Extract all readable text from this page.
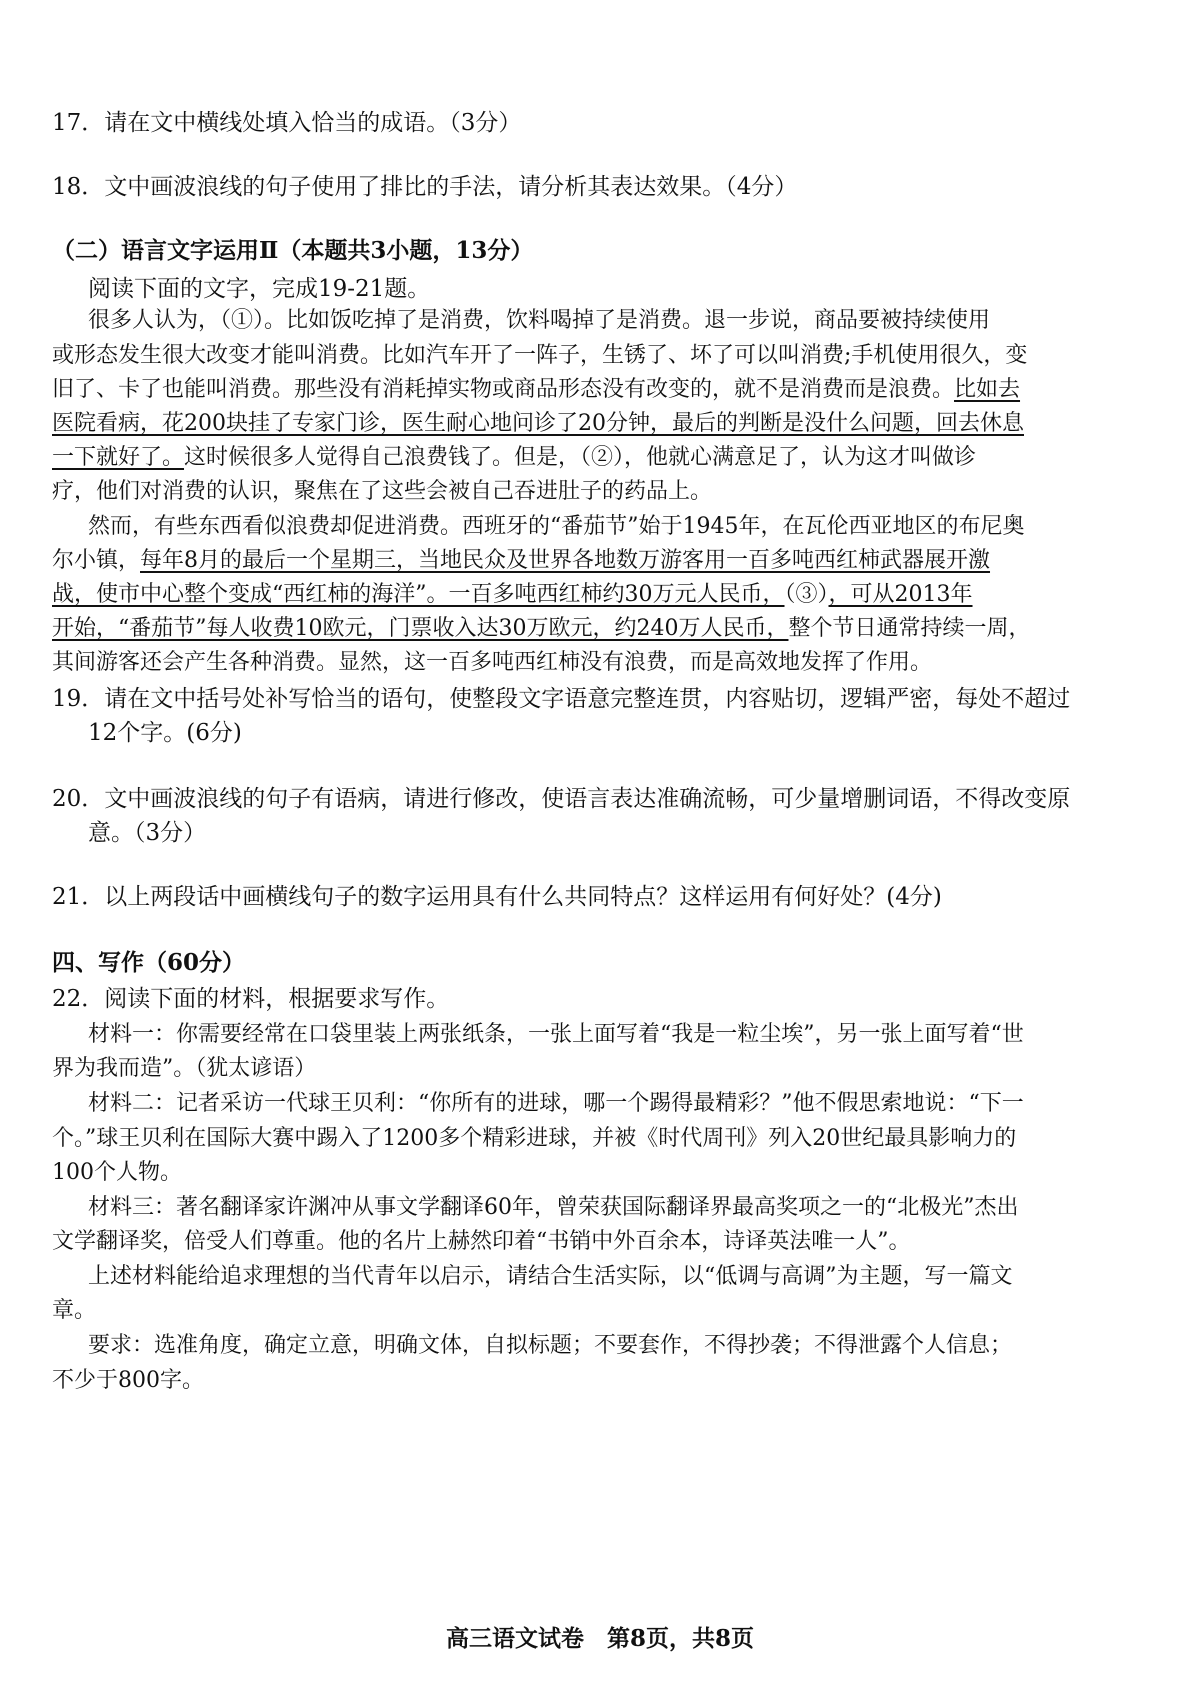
17．请在文中横线处填入恰当的成语。（3分）
18．文中画波浪线的句子使用了排比的手法，请分析其表达效果。（4分）
（二）语言文字运用Ⅱ（本题共3小题，13分）
阅读下面的文字，完成19-21题。
很多人认为，（①）。比如饭吃掉了是消费，饮料喝掉了是消费。退一步说，商品要被持续使用
或形态发生很大改变才能叫消费。比如汽车开了一阵子，生锈了、坏了可以叫消费;手机使用很久，变
旧了、卡了也能叫消费。那些没有消耗掉实物或商品形态没有改变的，就不是消费而是浪费。比如去
医院看病，花200块挂了专家门诊，医生耐心地问诊了20分钟，最后的判断是没什么问题，回去休息
一下就好了。这时候很多人觉得自己浪费钱了。但是，（②），他就心满意足了，认为这才叫做诊
疗，他们对消费的认识，聚焦在了这些会被自己吞进肚子的药品上。
然而，有些东西看似浪费却促进消费。西班牙的“番茄节”始于1945年，在瓦伦西亚地区的布尼奥
尔小镇，每年8月的最后一个星期三，当地民众及世界各地数万游客用一百多吨西红柿武器展开激
战，使市中心整个变成“西红柿的海洋”。一百多吨西红柿约30万元人民币，（③），可从2013年
开始，“番茄节”每人收费10欧元，门票收入达30万欧元，约240万人民币，整个节日通常持续一周，
其间游客还会产生各种消费。显然，这一百多吨西红柿没有浪费，而是高效地发挥了作用。
19．请在文中括号处补写恰当的语句，使整段文字语意完整连贯，内容贴切，逻辑严密，每处不超过
12个字。(6分)
20．文中画波浪线的句子有语病，请进行修改，使语言表达准确流畅，可少量增删词语，不得改变原
意。（3分）
21．以上两段话中画横线句子的数字运用具有什么共同特点？这样运用有何好处？(4分)
四、写作（60分）
22．阅读下面的材料，根据要求写作。
材料一：你需要经常在口袋里装上两张纸条，一张上面写着“我是一粒尘埃”，另一张上面写着“世
界为我而造”。（犹太谚语）
材料二：记者采访一代球王贝利：“你所有的进球，哪一个踢得最精彩？”他不假思索地说：“下一
个。”球王贝利在国际大赛中踢入了1200多个精彩进球，并被《时代周刊》列入20世纪最具影响力的
100个人物。
材料三：著名翻译家许渊冲从事文学翻译60年，曾荣获国际翻译界最高奖项之一的“北极光”杰出
文学翻译奖，倍受人们尊重。他的名片上赫然印着“书销中外百余本，诗译英法唯一人”。
上述材料能给追求理想的当代青年以启示，请结合生活实际，以“低调与高调”为主题，写一篇文
章。
要求：选准角度，确定立意，明确文体，自拟标题；不要套作，不得抄袭；不得泄露个人信息；
不少于800字。
高三语文试卷　第8页，共8页
